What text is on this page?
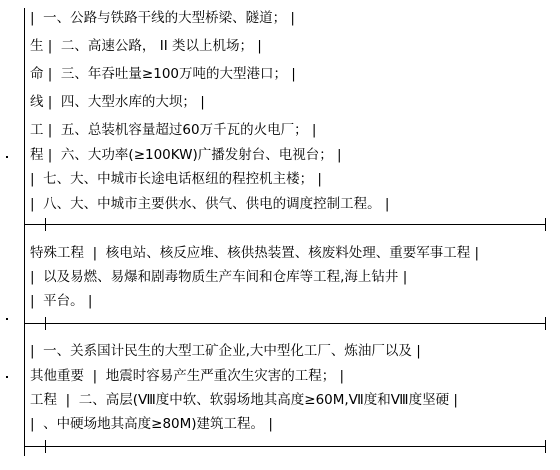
|  一、公路与铁路干线的大型桥梁、隧道； |
生 |  二、高速公路， II 类以上机场； |
命 |  三、年吞吐量≥100万吨的大型港口； |
线 |  四、大型水库的大坝； |
工 |  五、总装机容量超过60万千瓦的火电厂； |
程 |  六、大功率(≥100KW)广播发射台、电视台； |
|  七、大、中城市长途电话枢纽的程控机主楼； |
|  八、大、中城市主要供水、供气、供电的调度控制工程。 |
特殊工程  |  核电站、核反应堆、核供热装置、核废料处理、重要军事工程 |
|  以及易燃、易爆和剧毒物质生产车间和仓库等工程,海上钻井 |
|  平台。 |
|  一、关系国计民生的大型工矿企业,大中型化工厂、炼油厂以及 |
其他重要  |  地震时容易产生严重次生灾害的工程； |
工程  |  二、高层(Ⅷ度中软、软弱场地其高度≥60M,Ⅶ度和Ⅷ度坚硬 |
|  、中硬场地其高度≥80M)建筑工程。 |
